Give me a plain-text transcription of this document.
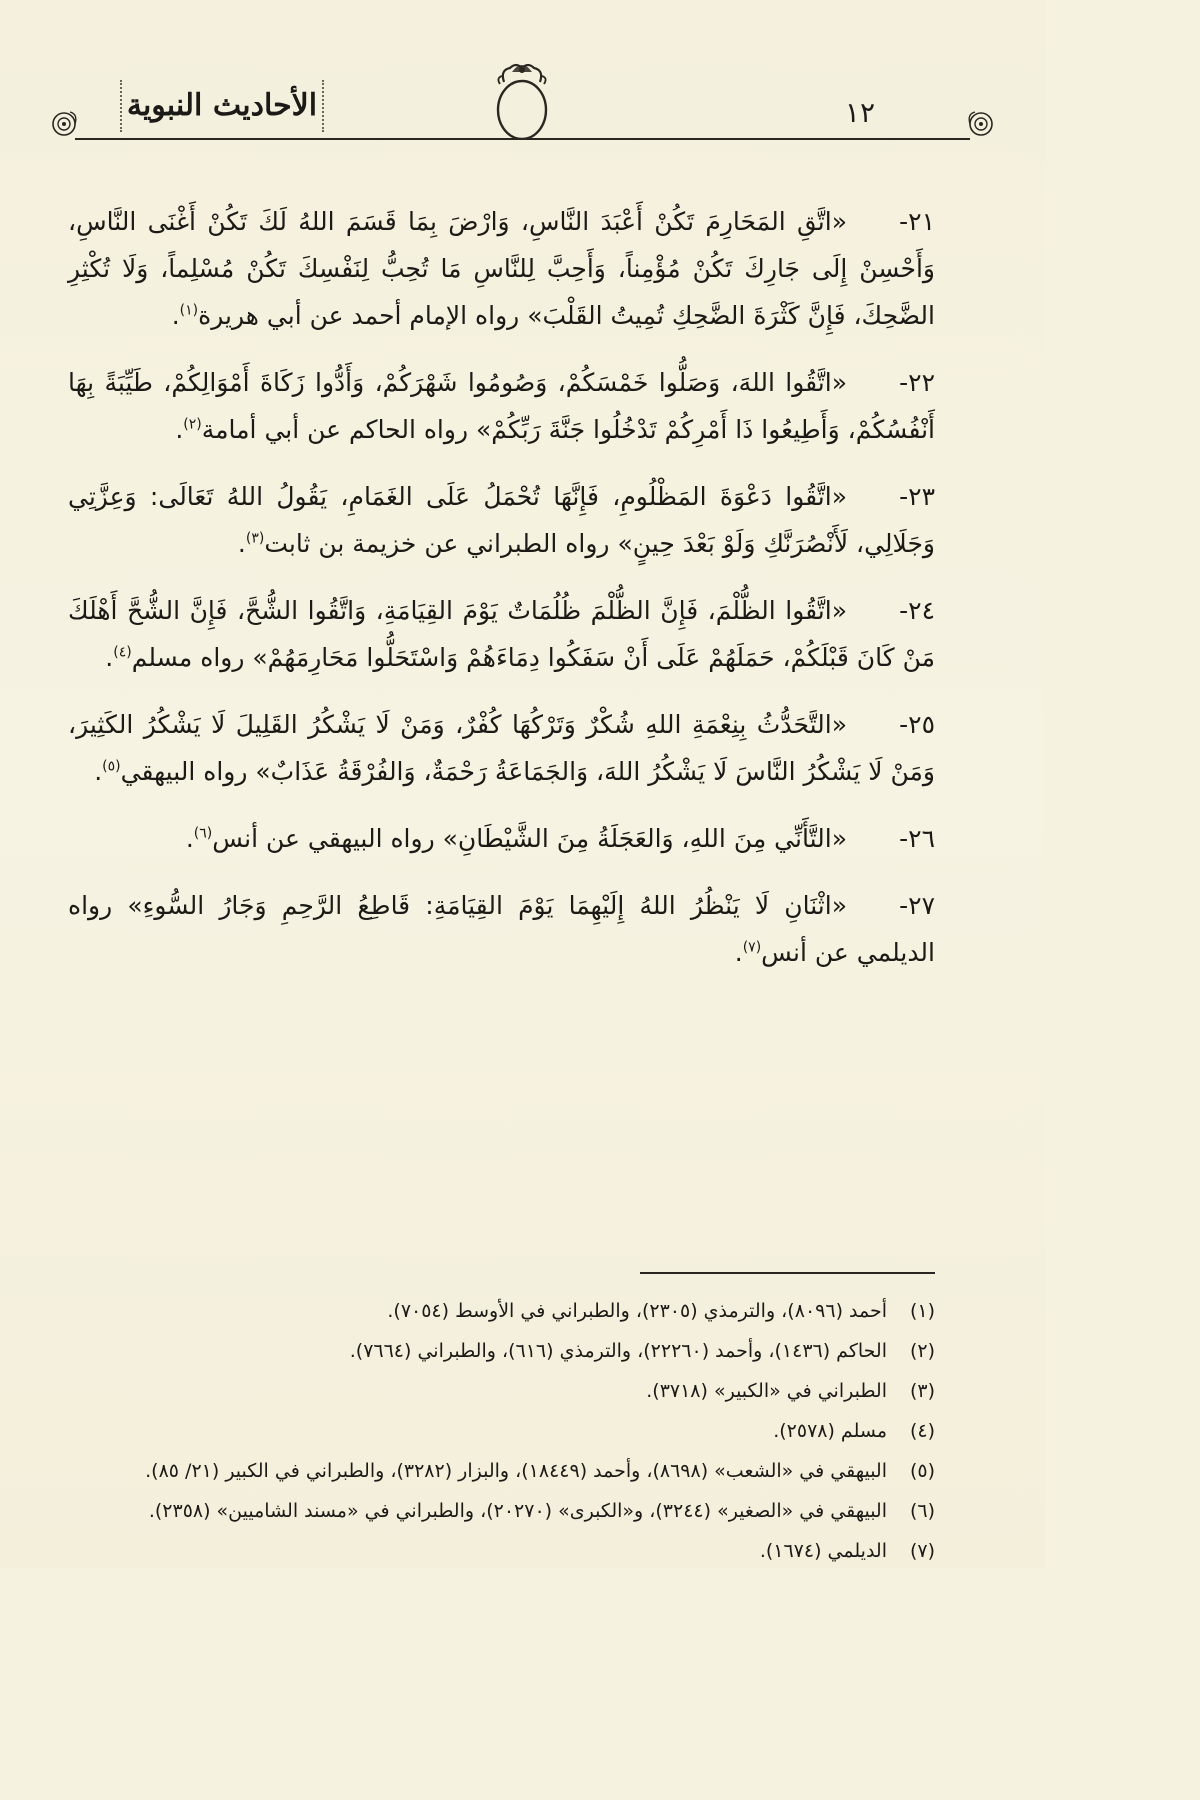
الأحاديث النبوية	١٢

٢١-«اتَّقِ المَحَارِمَ تَكُنْ أَعْبَدَ النَّاسِ، وَارْضَ بِمَا قَسَمَ اللهُ لَكَ تَكُنْ أَغْنَى النَّاسِ، وَأَحْسِنْ إِلَى جَارِكَ تَكُنْ مُؤْمِناً، وَأَحِبَّ لِلنَّاسِ مَا تُحِبُّ لِنَفْسِكَ تَكُنْ مُسْلِماً، وَلَا تُكْثِرِ الضَّحِكَ، فَإِنَّ كَثْرَةَ الضَّحِكِ تُمِيتُ القَلْبَ» رواه الإمام أحمد عن أبي هريرة$^{(١)}$.

٢٢-«اتَّقُوا اللهَ، وَصَلُّوا خَمْسَكُمْ، وَصُومُوا شَهْرَكُمْ، وَأَدُّوا زَكَاةَ أَمْوَالِكُمْ، طَيِّبَةً بِهَا أَنْفُسُكُمْ، وَأَطِيعُوا ذَا أَمْرِكُمْ تَدْخُلُوا جَنَّةَ رَبِّكُمْ» رواه الحاكم عن أبي أمامة$^{(٢)}$.

٢٣-«اتَّقُوا دَعْوَةَ المَظْلُومِ، فَإِنَّهَا تُحْمَلُ عَلَى الغَمَامِ، يَقُولُ اللهُ تَعَالَى: وَعِزَّتِي وَجَلَالِي، لَأَنْصُرَنَّكِ وَلَوْ بَعْدَ حِينٍ» رواه الطبراني عن خزيمة بن ثابت$^{(٣)}$.

٢٤-«اتَّقُوا الظُّلْمَ، فَإِنَّ الظُّلْمَ ظُلُمَاتٌ يَوْمَ القِيَامَةِ، وَاتَّقُوا الشُّحَّ، فَإِنَّ الشُّحَّ أَهْلَكَ مَنْ كَانَ قَبْلَكُمْ، حَمَلَهُمْ عَلَى أَنْ سَفَكُوا دِمَاءَهُمْ وَاسْتَحَلُّوا مَحَارِمَهُمْ» رواه مسلم$^{(٤)}$.

٢٥-«التَّحَدُّثُ بِنِعْمَةِ اللهِ شُكْرٌ وَتَرْكُهَا كُفْرٌ، وَمَنْ لَا يَشْكُرُ القَلِيلَ لَا يَشْكُرُ الكَثِيرَ، وَمَنْ لَا يَشْكُرُ النَّاسَ لَا يَشْكُرُ اللهَ، وَالجَمَاعَةُ رَحْمَةٌ، وَالفُرْقَةُ عَذَابٌ» رواه البيهقي$^{(٥)}$.

٢٦-«التَّأَنِّي مِنَ اللهِ، وَالعَجَلَةُ مِنَ الشَّيْطَانِ» رواه البيهقي عن أنس$^{(٦)}$.

٢٧-«اثْنَانِ لَا يَنْظُرُ اللهُ إِلَيْهِمَا يَوْمَ القِيَامَةِ: قَاطِعُ الرَّحِمِ وَجَارُ السُّوءِ» رواه الديلمي عن أنس$^{(٧)}$.

(١)
أحمد (٨٠٩٦)، والترمذي (٢٣٠٥)، والطبراني في الأوسط (٧٠٥٤).
(٢)
الحاكم (١٤٣٦)، وأحمد (٢٢٢٦٠)، والترمذي (٦١٦)، والطبراني (٧٦٦٤).
(٣)
الطبراني في «الكبير» (٣٧١٨).
(٤)
مسلم (٢٥٧٨).
(٥)
البيهقي في «الشعب» (٨٦٩٨)، وأحمد (١٨٤٤٩)، والبزار (٣٢٨٢)، والطبراني في الكبير (٢١/ ٨٥).
(٦)
البيهقي في «الصغير» (٣٢٤٤)، و«الكبرى» (٢٠٢٧٠)، والطبراني في «مسند الشاميين» (٢٣٥٨).
(٧)
الديلمي (١٦٧٤).
